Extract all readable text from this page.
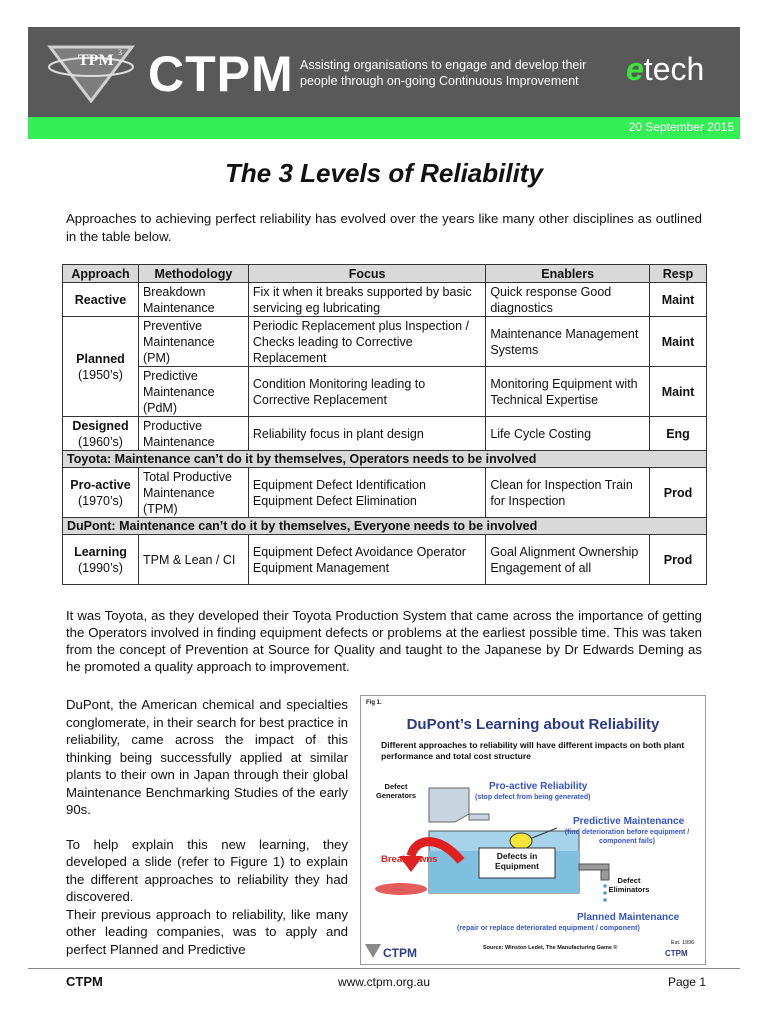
TPM 3 CTPM Assisting organisations to engage and develop their people through on-going Continuous Improvement	etech
20 September 2015
The 3 Levels of Reliability
Approaches to achieving perfect reliability has evolved over the years like many other disciplines as outlined in the table below.
Approach	Methodology	Focus	Enablers	Resp
Reactive	Breakdown Maintenance	Fix it when it breaks supported by basic servicing eg lubricating	Quick response Good diagnostics	Maint
Planned
(1950’s)	Preventive Maintenance (PM)	Periodic Replacement plus Inspection / Checks leading to Corrective Replacement	Maintenance Management Systems	Maint
	Predictive Maintenance (PdM)	Condition Monitoring leading to Corrective Replacement	Monitoring Equipment with Technical Expertise	Maint
Designed
(1960’s)	Productive Maintenance	Reliability focus in plant design	Life Cycle Costing	Eng
Toyota: Maintenance can’t do it by themselves, Operators needs to be involved				
Pro-active
(1970’s)	Total Productive Maintenance (TPM)	Equipment Defect Identification Equipment Defect Elimination	Clean for Inspection Train for Inspection	Prod
DuPont: Maintenance can’t do it by themselves, Everyone needs to be involved				
Learning
(1990’s)	TPM & Lean / CI	Equipment Defect Avoidance Operator Equipment Management	Goal Alignment Ownership Engagement of all	Prod
It was Toyota, as they developed their Toyota Production System that came across the importance of getting the Operators involved in finding equipment defects or problems at the earliest possible time. This was taken from the concept of Prevention at Source for Quality and taught to the Japanese by Dr Edwards Deming as he promoted a quality approach to improvement.

DuPont, the American chemical and specialties conglomerate, in their search for best practice in reliability, came across the impact of this thinking being successfully applied at similar plants to their own in Japan through their global Maintenance Benchmarking Studies of the early 90s.

To help explain this new learning, they developed a slide (refer to Figure 1) to explain the different approaches to reliability they had discovered.

Their previous approach to reliability, like many other leading companies, was to apply and perfect Planned and Predictive

Fig 1.
DuPont’s Learning about Reliability
Different approaches to reliability will have different impacts on both plant performance and total cost structure
Defect Generators
Pro-active Reliability
(stop defect from being generated)
Predictive Maintenance
(find deterioration before equipment / component fails)
Breakdowns	Defects in Equipment
Defect Eliminators
Planned Maintenance
(repair or replace deteriorated equipment / component)
Source: Winston Ledet, The Manufacturing Game ®
CTPM
Est. 1996
CTPM
CTPM	www.ctpm.org.au	Page 1
